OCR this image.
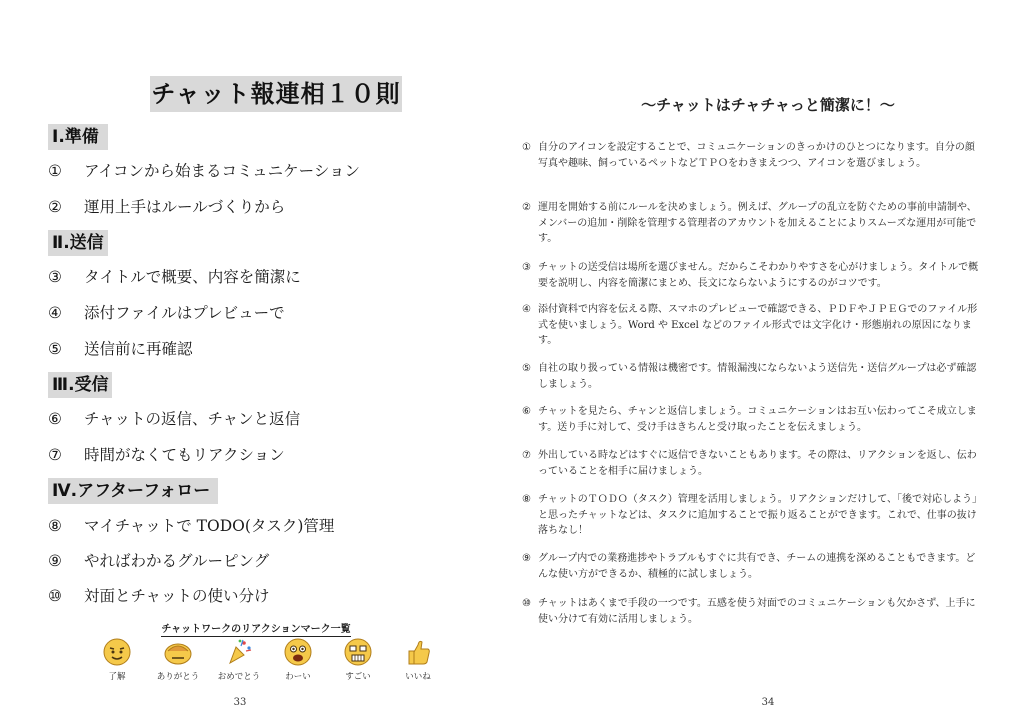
チャット報連相１０則
Ⅰ.準備
① アイコンから始まるコミュニケーション
② 運用上手はルールづくりから
Ⅱ.送信
③ タイトルで概要、内容を簡潔に
④ 添付ファイルはプレビューで
⑤ 送信前に再確認
Ⅲ.受信
⑥ チャットの返信、チャンと返信
⑦ 時間がなくてもリアクション
Ⅳ.アフターフォロー
⑧ マイチャットで TODO(タスク)管理
⑨ やればわかるグルーピング
⑩ 対面とチャットの使い分け
チャットワークのリアクションマーク一覧
了解	ありがとう	おめでとう	わーい	すごい	いいね
33
～チャットはチャチャっと簡潔に！～
① 自分のアイコンを設定することで、コミュニケーションのきっかけのひとつになります。自分の顔写真や趣味、飼っているペットなどＴＰＯをわきまえつつ、アイコンを選びましょう。
② 運用を開始する前にルールを決めましょう。例えば、グループの乱立を防ぐための事前申請制や、メンバーの追加・削除を管理する管理者のアカウントを加えることによりスムーズな運用が可能です。
③ チャットの送受信は場所を選びません。だからこそわかりやすさを心がけましょう。タイトルで概要を説明し、内容を簡潔にまとめ、長文にならないようにするのがコツです。
④ 添付資料で内容を伝える際、スマホのプレビューで確認できる、ＰＤＦやＪＰＥＧでのファイル形式を使いましょう。Word や Excel などのファイル形式では文字化け・形態崩れの原因になります。
⑤ 自社の取り扱っている情報は機密です。情報漏洩にならないよう送信先・送信グループは必ず確認しましょう。
⑥ チャットを見たら、チャンと返信しましょう。コミュニケーションはお互い伝わってこそ成立します。送り手に対して、受け手はきちんと受け取ったことを伝えましょう。
⑦ 外出している時などはすぐに返信できないこともあります。その際は、リアクションを返し、伝わっていることを相手に届けましょう。
⑧ チャットのＴＯＤＯ（タスク）管理を活用しましょう。リアクションだけして、「後で対応しよう」と思ったチャットなどは、タスクに追加することで振り返ることができます。これで、仕事の抜け落ちなし！
⑨ グループ内での業務進捗やトラブルもすぐに共有でき、チームの連携を深めることもできます。どんな使い方ができるか、積極的に試しましょう。
⑩ チャットはあくまで手段の一つです。五感を使う対面でのコミュニケーションも欠かさず、上手に使い分けて有効に活用しましょう。
34
